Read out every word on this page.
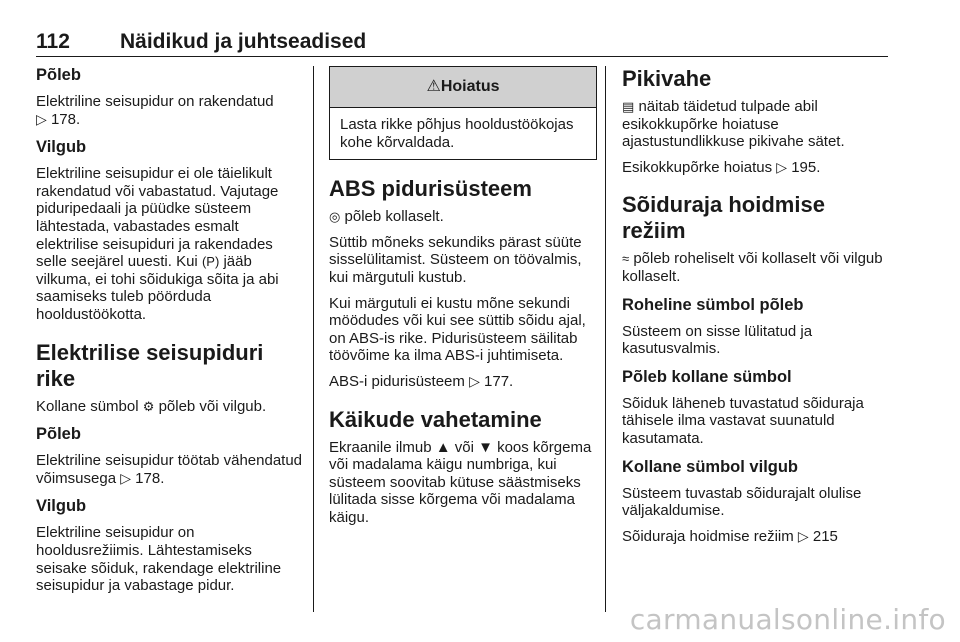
112 Näidikud ja juhtseadised
Põleb

Elektriline seisupidur on rakendatud
▷ 178.

Vilgub

Elektriline seisupidur ei ole täielikult rakendatud või vabastatud. Vajutage piduripedaali ja püüdke süsteem lähtestada, vabastades esmalt elektrilise seisupiduri ja rakendades selle seejärel uuesti. Kui (P) jääb vilkuma, ei tohi sõidukiga sõita ja abi saamiseks tuleb pöörduda hooldustöökotta.

Elektrilise seisupiduri rike

Kollane sümbol ⚙ põleb või vilgub.

Põleb

Elektriline seisupidur töötab vähendatud võimsusega ▷ 178.

Vilgub

Elektriline seisupidur on hooldusrežiimis. Lähtestamiseks seisake sõiduk, rakendage elektriline seisupidur ja vabastage pidur.

⚠Hoiatus
Lasta rikke põhjus hooldustöökojas kohe kõrvaldada.
ABS pidurisüsteem

◎ põleb kollaselt.

Süttib mõneks sekundiks pärast süüte sisselülitamist. Süsteem on töövalmis, kui märgutuli kustub.

Kui märgutuli ei kustu mõne sekundi möödudes või kui see süttib sõidu ajal, on ABS-is rike. Pidurisüsteem säilitab töövõime ka ilma ABS-i juhtimiseta.

ABS-i pidurisüsteem ▷ 177.

Käikude vahetamine

Ekraanile ilmub ▲ või ▼ koos kõrgema või madalama käigu numbriga, kui süsteem soovitab kütuse säästmiseks lülitada sisse kõrgema või madalama käigu.

Pikivahe

▤ näitab täidetud tulpade abil esikokkupõrke hoiatuse ajastustundlikkuse pikivahe sätet.

Esikokkupõrke hoiatus ▷ 195.

Sõiduraja hoidmise režiim

≈ põleb roheliselt või kollaselt või vilgub kollaselt.

Roheline sümbol põleb

Süsteem on sisse lülitatud ja kasutusvalmis.

Põleb kollane sümbol

Sõiduk läheneb tuvastatud sõiduraja tähisele ilma vastavat suunatuld kasutamata.

Kollane sümbol vilgub

Süsteem tuvastab sõidurajalt olulise väljakaldumise.

Sõiduraja hoidmise režiim ▷ 215

carmanualsonline.info
